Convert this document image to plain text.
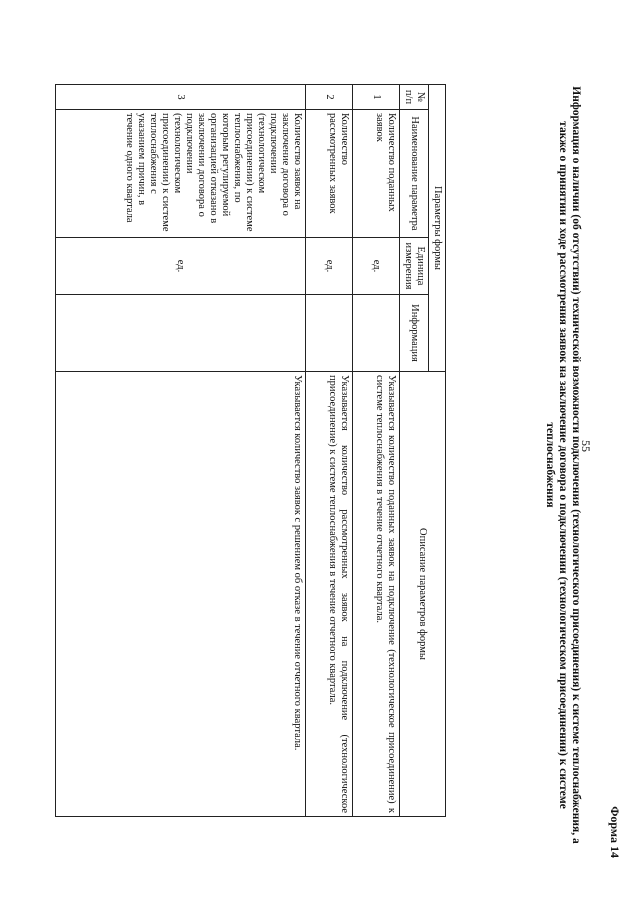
55
Форма 14
Информация о наличии (об отсутствии) технической возможности подключения (технологического присоединения) к системе теплоснабжения, а также о принятии и ходе рассмотрения заявок на заключение договора о подключении (технологическом присоединении) к системе теплоснабжения
Параметры формы				Описание параметров формы
№ п/п	Наименование параметра	Единица измерения	Информация	
1	Количество поданных заявок	ед.		Указывается количество поданных заявок на подключение (технологическое присоединение) к системе теплоснабжения в течение отчетного квартала.
2	Количество рассмотренных заявок	ед.		Указывается количество рассмотренных заявок на подключение (технологическое присоединение) к системе теплоснабжения в течение отчетного квартала.
3	Количество заявок на заключение договора о подключении (технологическом присоединении) к системе теплоснабжения, по которым регулируемой организацией отказано в заключении договора о подключении (технологическом присоединении) к системе теплоснабжения с указанием причин, в течение одного квартала	ед.		Указывается количество заявок с решением об отказе в течение отчетного квартала.
